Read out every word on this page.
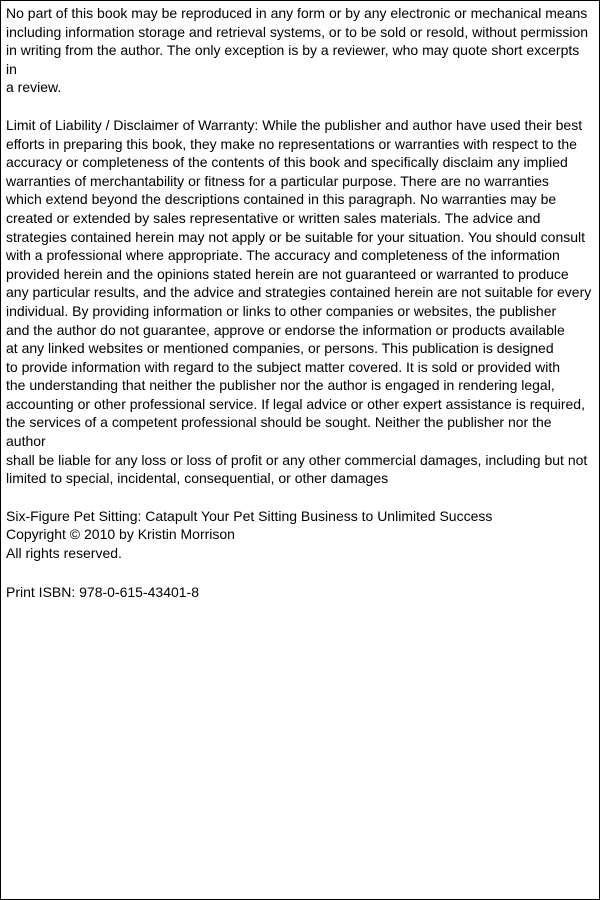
No part of this book may be reproduced in any form or by any electronic or mechanical means
including information storage and retrieval systems, or to be sold or resold, without permission
in writing from the author. The only exception is by a reviewer, who may quote short excerpts in
a review.

Limit of Liability / Disclaimer of Warranty: While the publisher and author have used their best
efforts in preparing this book, they make no representations or warranties with respect to the
accuracy or completeness of the contents of this book and specifically disclaim any implied
warranties of merchantability or fitness for a particular purpose. There are no warranties
which extend beyond the descriptions contained in this paragraph. No warranties may be
created or extended by sales representative or written sales materials. The advice and
strategies contained herein may not apply or be suitable for your situation. You should consult
with a professional where appropriate. The accuracy and completeness of the information
provided herein and the opinions stated herein are not guaranteed or warranted to produce
any particular results, and the advice and strategies contained herein are not suitable for every
individual. By providing information or links to other companies or websites, the publisher
and the author do not guarantee, approve or endorse the information or products available
at any linked websites or mentioned companies, or persons. This publication is designed
to provide information with regard to the subject matter covered. It is sold or provided with
the understanding that neither the publisher nor the author is engaged in rendering legal,
accounting or other professional service. If legal advice or other expert assistance is required,
the services of a competent professional should be sought. Neither the publisher nor the author
shall be liable for any loss or loss of profit or any other commercial damages, including but not
limited to special, incidental, consequential, or other damages

Six-Figure Pet Sitting: Catapult Your Pet Sitting Business to Unlimited Success
Copyright © 2010 by Kristin Morrison
All rights reserved.

Print ISBN: 978-0-615-43401-8
